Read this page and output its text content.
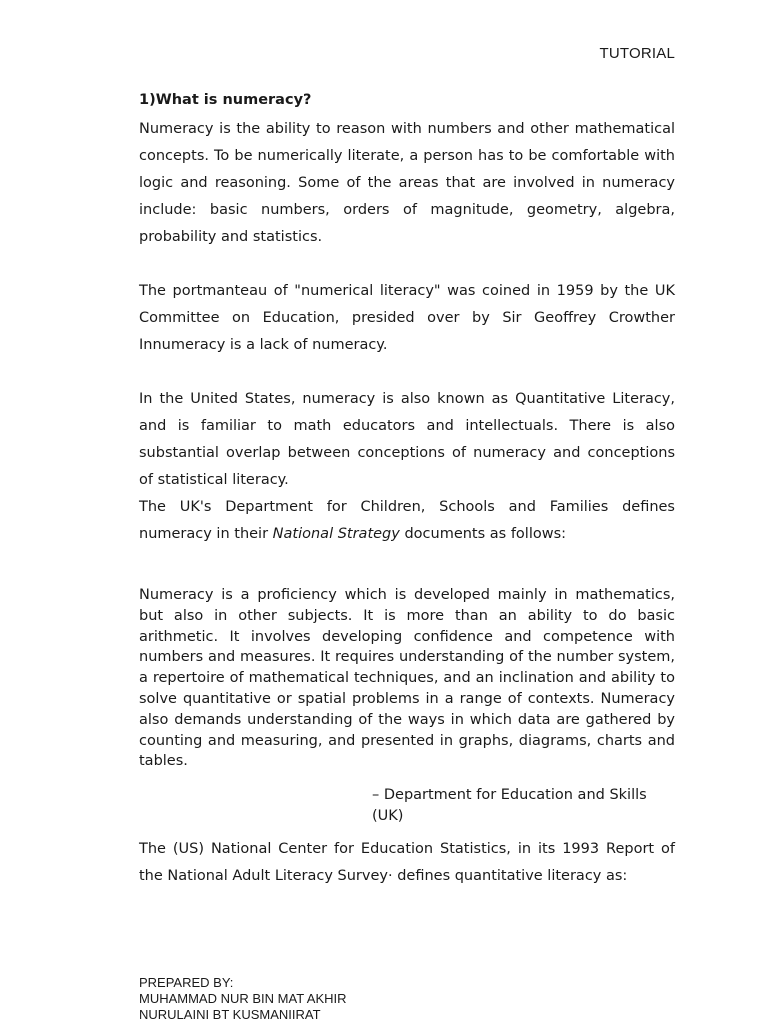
TUTORIAL
1)What is numeracy?

Numeracy is the ability to reason with numbers and other mathematical concepts. To be numerically literate, a person has to be comfortable with logic and reasoning. Some of the areas that are involved in numeracy include: basic numbers, orders of magnitude, geometry, algebra, probability and statistics.

The portmanteau of "numerical literacy" was coined in 1959 by the UK Committee on Education, presided over by Sir Geoffrey Crowther Innumeracy is a lack of numeracy.

In the United States, numeracy is also known as Quantitative Literacy, and is familiar to math educators and intellectuals. There is also substantial overlap between conceptions of numeracy and conceptions of statistical literacy.

The UK's Department for Children, Schools and Families defines numeracy in their National Strategy documents as follows:

Numeracy is a proficiency which is developed mainly in mathematics, but also in other subjects. It is more than an ability to do basic arithmetic. It involves developing confidence and competence with numbers and measures. It requires understanding of the number system, a repertoire of mathematical techniques, and an inclination and ability to solve quantitative or spatial problems in a range of contexts. Numeracy also demands understanding of the ways in which data are gathered by counting and measuring, and presented in graphs, diagrams, charts and tables.

– Department for Education and Skills (UK)

The (US) National Center for Education Statistics, in its 1993 Report of the National Adult Literacy Survey· defines quantitative literacy as:

PREPARED BY:
MUHAMMAD NUR BIN MAT AKHIR
NURULAINI BT KUSMANIIRAT
